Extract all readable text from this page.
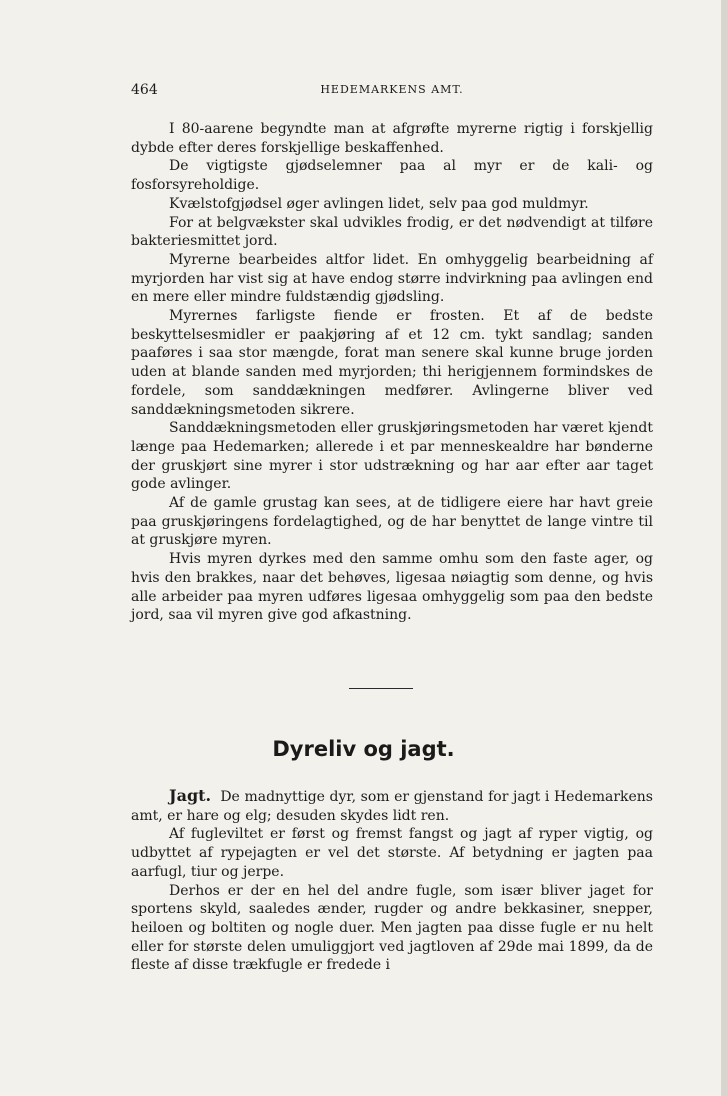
464	HEDEMARKENS AMT.

I 80-aarene begyndte man at afgrøfte myrerne rigtig i forskjellig dybde efter deres forskjellige beskaffenhed.

De vigtigste gjødselemner paa al myr er de kali- og fosforsyreholdige.

Kvælstofgjødsel øger avlingen lidet, selv paa god muldmyr.

For at belgvækster skal udvikles frodig, er det nødvendigt at tilføre bakteriesmittet jord.

Myrerne bearbeides altfor lidet. En omhyggelig bearbeidning af myrjorden har vist sig at have endog større indvirkning paa avlingen end en mere eller mindre fuldstændig gjødsling.

Myrernes farligste fiende er frosten. Et af de bedste beskyttelsesmidler er paakjøring af et 12 cm. tykt sandlag; sanden paaføres i saa stor mængde, forat man senere skal kunne bruge jorden uden at blande sanden med myrjorden; thi herigjennem formindskes de fordele, som sanddækningen medfører. Avlingerne bliver ved sanddækningsmetoden sikrere.

Sanddækningsmetoden eller gruskjøringsmetoden har været kjendt længe paa Hedemarken; allerede i et par menneskealdre har bønderne der gruskjørt sine myrer i stor udstrækning og har aar efter aar taget gode avlinger.

Af de gamle grustag kan sees, at de tidligere eiere har havt greie paa gruskjøringens fordelagtighed, og de har benyttet de lange vintre til at gruskjøre myren.

Hvis myren dyrkes med den samme omhu som den faste ager, og hvis den brakkes, naar det behøves, ligesaa nøiagtig som denne, og hvis alle arbeider paa myren udføres ligesaa omhyggelig som paa den bedste jord, saa vil myren give god afkastning.

Dyreliv og jagt.

Jagt. De madnyttige dyr, som er gjenstand for jagt i Hedemarkens amt, er hare og elg; desuden skydes lidt ren.

Af fugleviltet er først og fremst fangst og jagt af ryper vigtig, og udbyttet af rypejagten er vel det største. Af betydning er jagten paa aarfugl, tiur og jerpe.

Derhos er der en hel del andre fugle, som især bliver jaget for sportens skyld, saaledes ænder, rugder og andre bekkasiner, snepper, heiloen og boltiten og nogle duer. Men jagten paa disse fugle er nu helt eller for største delen umuliggjort ved jagtloven af 29de mai 1899, da de fleste af disse trækfugle er fredede i
